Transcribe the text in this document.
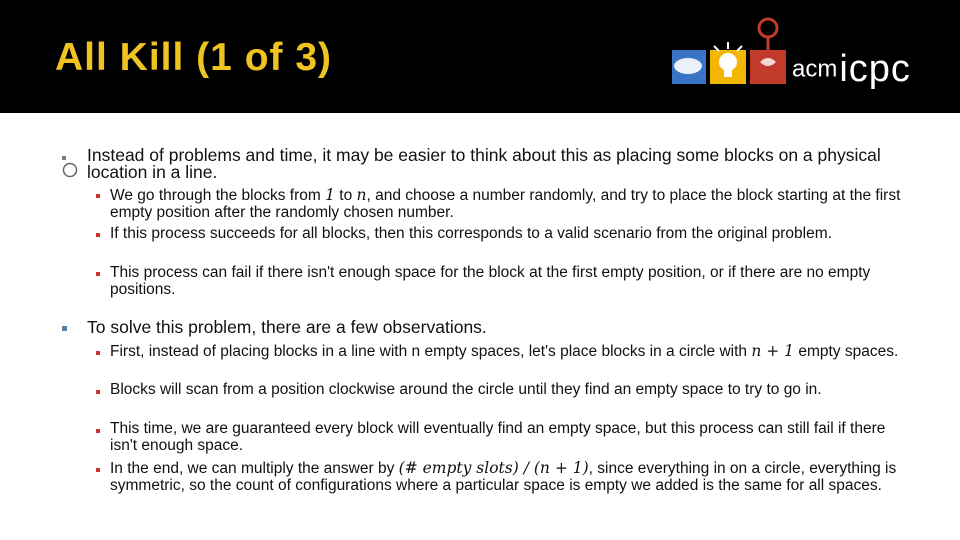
All Kill (1 of 3)	acmicpc

Instead of problems and time, it may be easier to think about this as placing some blocks on a physical location in a line.

We go through the blocks from 1 to n, and choose a number randomly, and try to place the block starting at the first empty position after the randomly chosen number.

If this process succeeds for all blocks, then this corresponds to a valid scenario from the original problem.

This process can fail if there isn't enough space for the block at the first empty position, or if there are no empty positions.

To solve this problem, there are a few observations.

First, instead of placing blocks in a line with n empty spaces, let's place blocks in a circle with n + 1 empty spaces.

Blocks will scan from a position clockwise around the circle until they find an empty space to try to go in.

This time, we are guaranteed every block will eventually find an empty space, but this process can still fail if there isn't enough space.

In the end, we can multiply the answer by (# empty slots) / (n + 1), since everything in on a circle, everything is symmetric, so the count of configurations where a particular space is empty we added is the same for all spaces.
